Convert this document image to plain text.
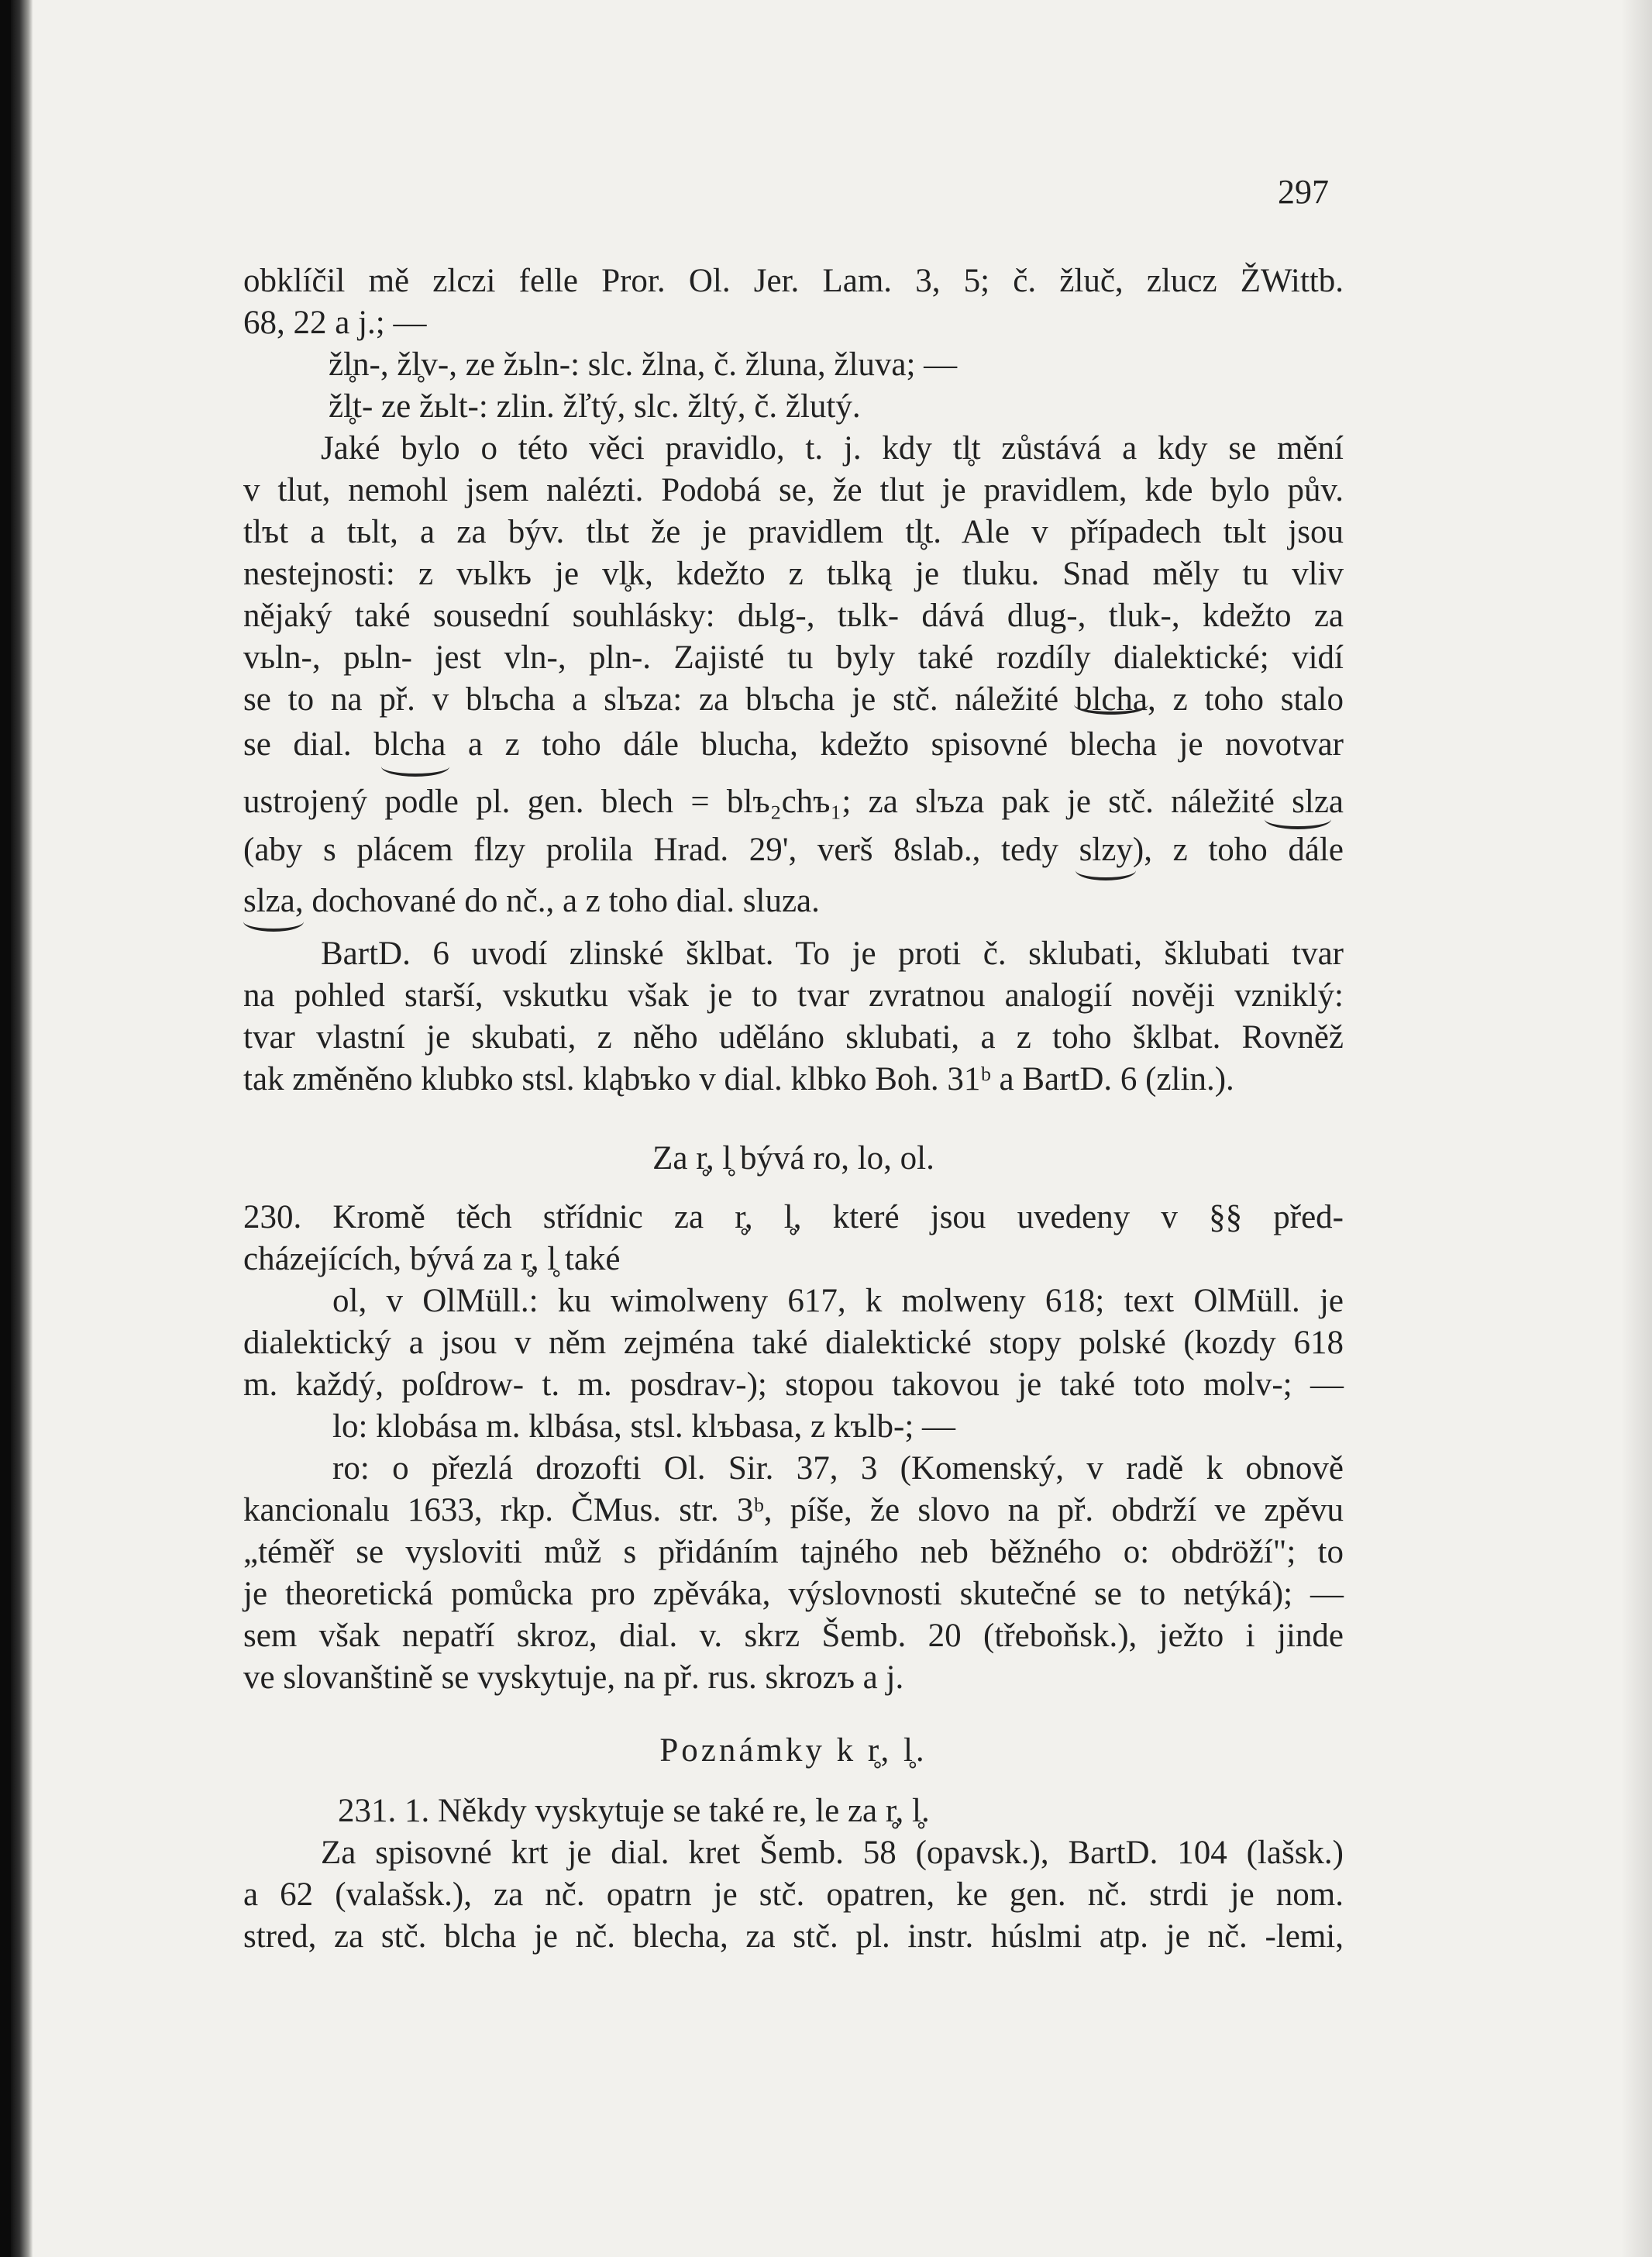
297
obklíčil mě zlczi felle Pror. Ol. Jer. Lam. 3, 5; č. žluč, zlucz ŽWittb.
68, 22 a j.; —
žl̥n-, žl̥v-, ze žьln-: slc. žlna, č. žluna, žluva; —
žl̥t- ze žьlt-: zlin. žľtý, slc. žltý, č. žlutý.
Jaké bylo o této věci pravidlo, t. j. kdy tl̥t zůstává a kdy se mění
v tlut, nemohl jsem nalézti. Podobá se, že tlut je pravidlem, kde bylo pův.
tlъt a tьlt, a za býv. tlьt že je pravidlem tl̥t. Ale v případech tьlt jsou
nestejnosti: z vьlkъ je vl̥k, kdežto z tьlką je tluku. Snad měly tu vliv
nějaký také sousední souhlásky: dьlg-, tьlk- dává dlug-, tluk-, kdežto za
vьln-, pьln- jest vln-, pln-. Zajisté tu byly také rozdíly dialektické; vidí
se to na př. v blъcha a slъza: za blъcha je stč. náležité blcha, z toho stalo
se dial. blcha a z toho dále blucha, kdežto spisovné blecha je novotvar
ustrojený podle pl. gen. blech = blъ₂chъ₁; za slъza pak je stč. náležité slza
(aby s plácem flzy prolila Hrad. 29', verš 8slab., tedy slzy), z toho dále
slza, dochované do nč., a z toho dial. sluza.
BartD. 6 uvodí zlinské šklbat. To je proti č. sklubati, šklubati tvar
na pohled starší, vskutku však je to tvar zvratnou analogií nověji vzniklý:
tvar vlastní je skubati, z něho uděláno sklubati, a z toho šklbat. Rovněž
tak změněno klubko stsl. kląbъko v dial. klbko Boh. 31ᵇ a BartD. 6 (zlin.).
Za r̥, l̥ bývá ro, lo, ol.
230. Kromě těch střídnic za r̥, l̥, které jsou uvedeny v §§ před-
cházejících, bývá za r̥, l̥ také
ol, v OlMüll.: ku wimolweny 617, k molweny 618; text OlMüll. je
dialektický a jsou v něm zejména také dialektické stopy polské (kozdy 618
m. každý, poſdrow- t. m. posdrav-); stopou takovou je také toto molv-; —
lo: klobása m. klbása, stsl. klъbasa, z kъlb-; —
ro: o přezlá drozofti Ol. Sir. 37, 3 (Komenský, v radě k obnově
kancionalu 1633, rkp. ČMus. str. 3ᵇ, píše, že slovo na př. obdrží ve zpěvu
„téměř se vysloviti můž s přidáním tajného neb běžného o: obdröží"; to
je theoretická pomůcka pro zpěváka, výslovnosti skutečné se to netýká); —
sem však nepatří skroz, dial. v. skrz Šemb. 20 (třeboňsk.), ježto i jinde
ve slovanštině se vyskytuje, na př. rus. skrozъ a j.
Poznámky k r̥, l̥.
231. 1. Někdy vyskytuje se také re, le za r̥, l̥.
Za spisovné krt je dial. kret Šemb. 58 (opavsk.), BartD. 104 (lašsk.)
a 62 (valašsk.), za nč. opatrn je stč. opatren, ke gen. nč. strdi je nom.
stred, za stč. blcha je nč. blecha, za stč. pl. instr. húslmi atp. je nč. -lemi,
